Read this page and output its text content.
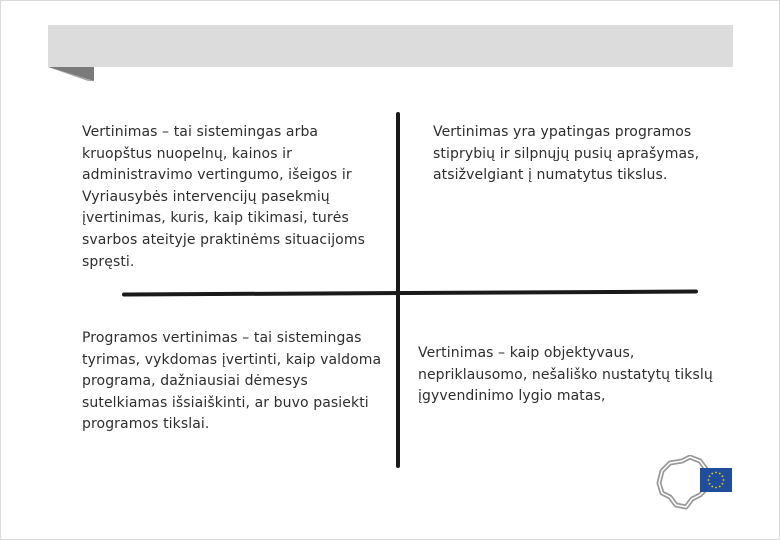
Vertinimas – tai sistemingas arba kruopštus nuopelnų, kainos ir administravimo vertingumo, išeigos ir Vyriausybės intervencijų pasekmių įvertinimas, kuris, kaip tikimasi, turės svarbos ateityje praktinėms situacijoms spręsti.

Vertinimas yra ypatingas programos stiprybių ir silpnųjų pusių aprašymas, atsižvelgiant į numatytus tikslus.

Programos vertinimas – tai sistemingas tyrimas, vykdomas įvertinti, kaip valdoma programa, dažniausiai dėmesys sutelkiamas išsiaiškinti, ar buvo pasiekti programos tikslai.

Vertinimas – kaip objektyvaus, nepriklausomo, nešališko nustatytų tikslų įgyvendinimo lygio matas,
